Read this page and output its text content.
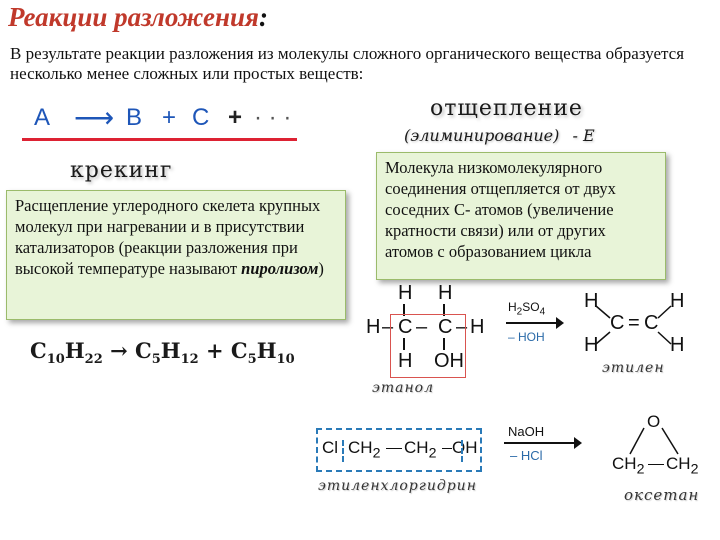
Реакции разложения:
В результате реакции разложения из молекулы сложного органического вещества образуется несколько менее сложных или простых веществ:
A ⟶ B + C + · · ·
крекинг
Расщепление углеродного скелета крупных молекул при нагревании и в присутствии катализаторов (реакции разложения при высокой температуре называют пиролизом)
$C_{10}H_{22} \to C_5H_{12} + C_5H_{10}$
отщепление
(элиминирование) - E
Молекула низкомолекулярного соединения отщепляется от двух соседних С- атомов (увеличение кратности связи) или от других атомов с образованием цикла
H H
H – C – C – H
H OH
этанол
$H_2SO_4$
– HOH
H
H
C = C
H
H
этилен
Cl $CH_2$ $CH_2$ OH
этиленхлоргидрин
NaOH
– HCl
O
$CH_2$ $CH_2$
оксетан
